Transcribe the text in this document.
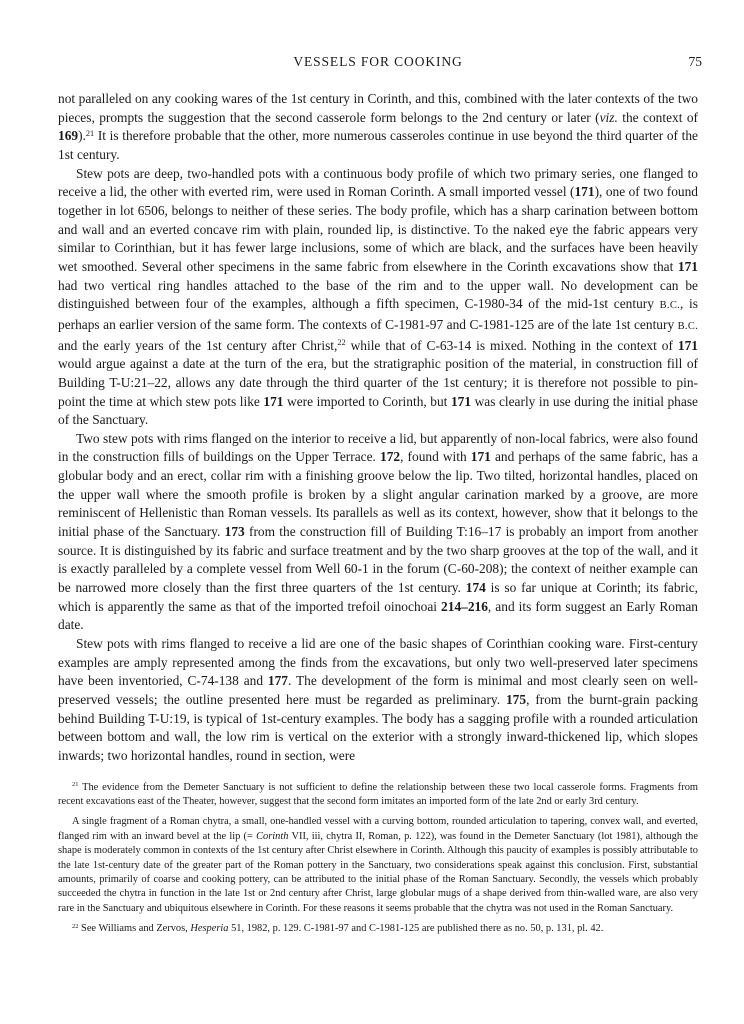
VESSELS FOR COOKING	75

not paralleled on any cooking wares of the 1st century in Corinth, and this, combined with the later contexts of the two pieces, prompts the suggestion that the second casserole form belongs to the 2nd century or later (viz. the context of 169).$^{21}$ It is therefore probable that the other, more numerous casseroles continue in use beyond the third quarter of the 1st century.

Stew pots are deep, two-handled pots with a continuous body profile of which two primary series, one flanged to receive a lid, the other with everted rim, were used in Roman Corinth. A small imported vessel (171), one of two found together in lot 6506, belongs to neither of these series. The body profile, which has a sharp carination between bottom and wall and an everted concave rim with plain, rounded lip, is distinctive. To the naked eye the fabric appears very similar to Corinthian, but it has fewer large inclusions, some of which are black, and the surfaces have been heavily wet smoothed. Several other specimens in the same fabric from elsewhere in the Corinth excavations show that 171 had two vertical ring handles attached to the base of the rim and to the upper wall. No development can be distinguished between four of the examples, although a fifth specimen, C-1980-34 of the mid-1st century B.C., is perhaps an earlier version of the same form. The contexts of C-1981-97 and C-1981-125 are of the late 1st century B.C. and the early years of the 1st century after Christ,$^{22}$ while that of C-63-14 is mixed. Nothing in the context of 171 would argue against a date at the turn of the era, but the stratigraphic position of the material, in construction fill of Building T-U:21–22, allows any date through the third quarter of the 1st century; it is therefore not possible to pin-point the time at which stew pots like 171 were imported to Corinth, but 171 was clearly in use during the initial phase of the Sanctuary.

Two stew pots with rims flanged on the interior to receive a lid, but apparently of non-local fabrics, were also found in the construction fills of buildings on the Upper Terrace. 172, found with 171 and perhaps of the same fabric, has a globular body and an erect, collar rim with a finishing groove below the lip. Two tilted, horizontal handles, placed on the upper wall where the smooth profile is broken by a slight angular carination marked by a groove, are more reminiscent of Hellenistic than Roman vessels. Its parallels as well as its context, however, show that it belongs to the initial phase of the Sanctuary. 173 from the construction fill of Building T:16–17 is probably an import from another source. It is distinguished by its fabric and surface treatment and by the two sharp grooves at the top of the wall, and it is exactly paralleled by a complete vessel from Well 60-1 in the forum (C-60-208); the context of neither example can be narrowed more closely than the first three quarters of the 1st century. 174 is so far unique at Corinth; its fabric, which is apparently the same as that of the imported trefoil oinochoai 214–216, and its form suggest an Early Roman date.

Stew pots with rims flanged to receive a lid are one of the basic shapes of Corinthian cooking ware. First-century examples are amply represented among the finds from the excavations, but only two well-preserved later specimens have been inventoried, C-74-138 and 177. The development of the form is minimal and most clearly seen on well-preserved vessels; the outline presented here must be regarded as preliminary. 175, from the burnt-grain packing behind Building T-U:19, is typical of 1st-century examples. The body has a sagging profile with a rounded articulation between bottom and wall, the low rim is vertical on the exterior with a strongly inward-thickened lip, which slopes inwards; two horizontal handles, round in section, were

$^{21}$ The evidence from the Demeter Sanctuary is not sufficient to define the relationship between these two local casserole forms. Fragments from recent excavations east of the Theater, however, suggest that the second form imitates an imported form of the late 2nd or early 3rd century.

A single fragment of a Roman chytra, a small, one-handled vessel with a curving bottom, rounded articulation to tapering, convex wall, and everted, flanged rim with an inward bevel at the lip (= Corinth VII, iii, chytra II, Roman, p. 122), was found in the Demeter Sanctuary (lot 1981), although the shape is moderately common in contexts of the 1st century after Christ elsewhere in Corinth. Although this paucity of examples is possibly attributable to the late 1st-century date of the greater part of the Roman pottery in the Sanctuary, two considerations speak against this conclusion. First, substantial amounts, primarily of coarse and cooking pottery, can be attributed to the initial phase of the Roman Sanctuary. Secondly, the vessels which probably succeeded the chytra in function in the late 1st or 2nd century after Christ, large globular mugs of a shape derived from thin-walled ware, are also very rare in the Sanctuary and ubiquitous elsewhere in Corinth. For these reasons it seems probable that the chytra was not used in the Roman Sanctuary.

$^{22}$ See Williams and Zervos, Hesperia 51, 1982, p. 129. C-1981-97 and C-1981-125 are published there as no. 50, p. 131, pl. 42.
